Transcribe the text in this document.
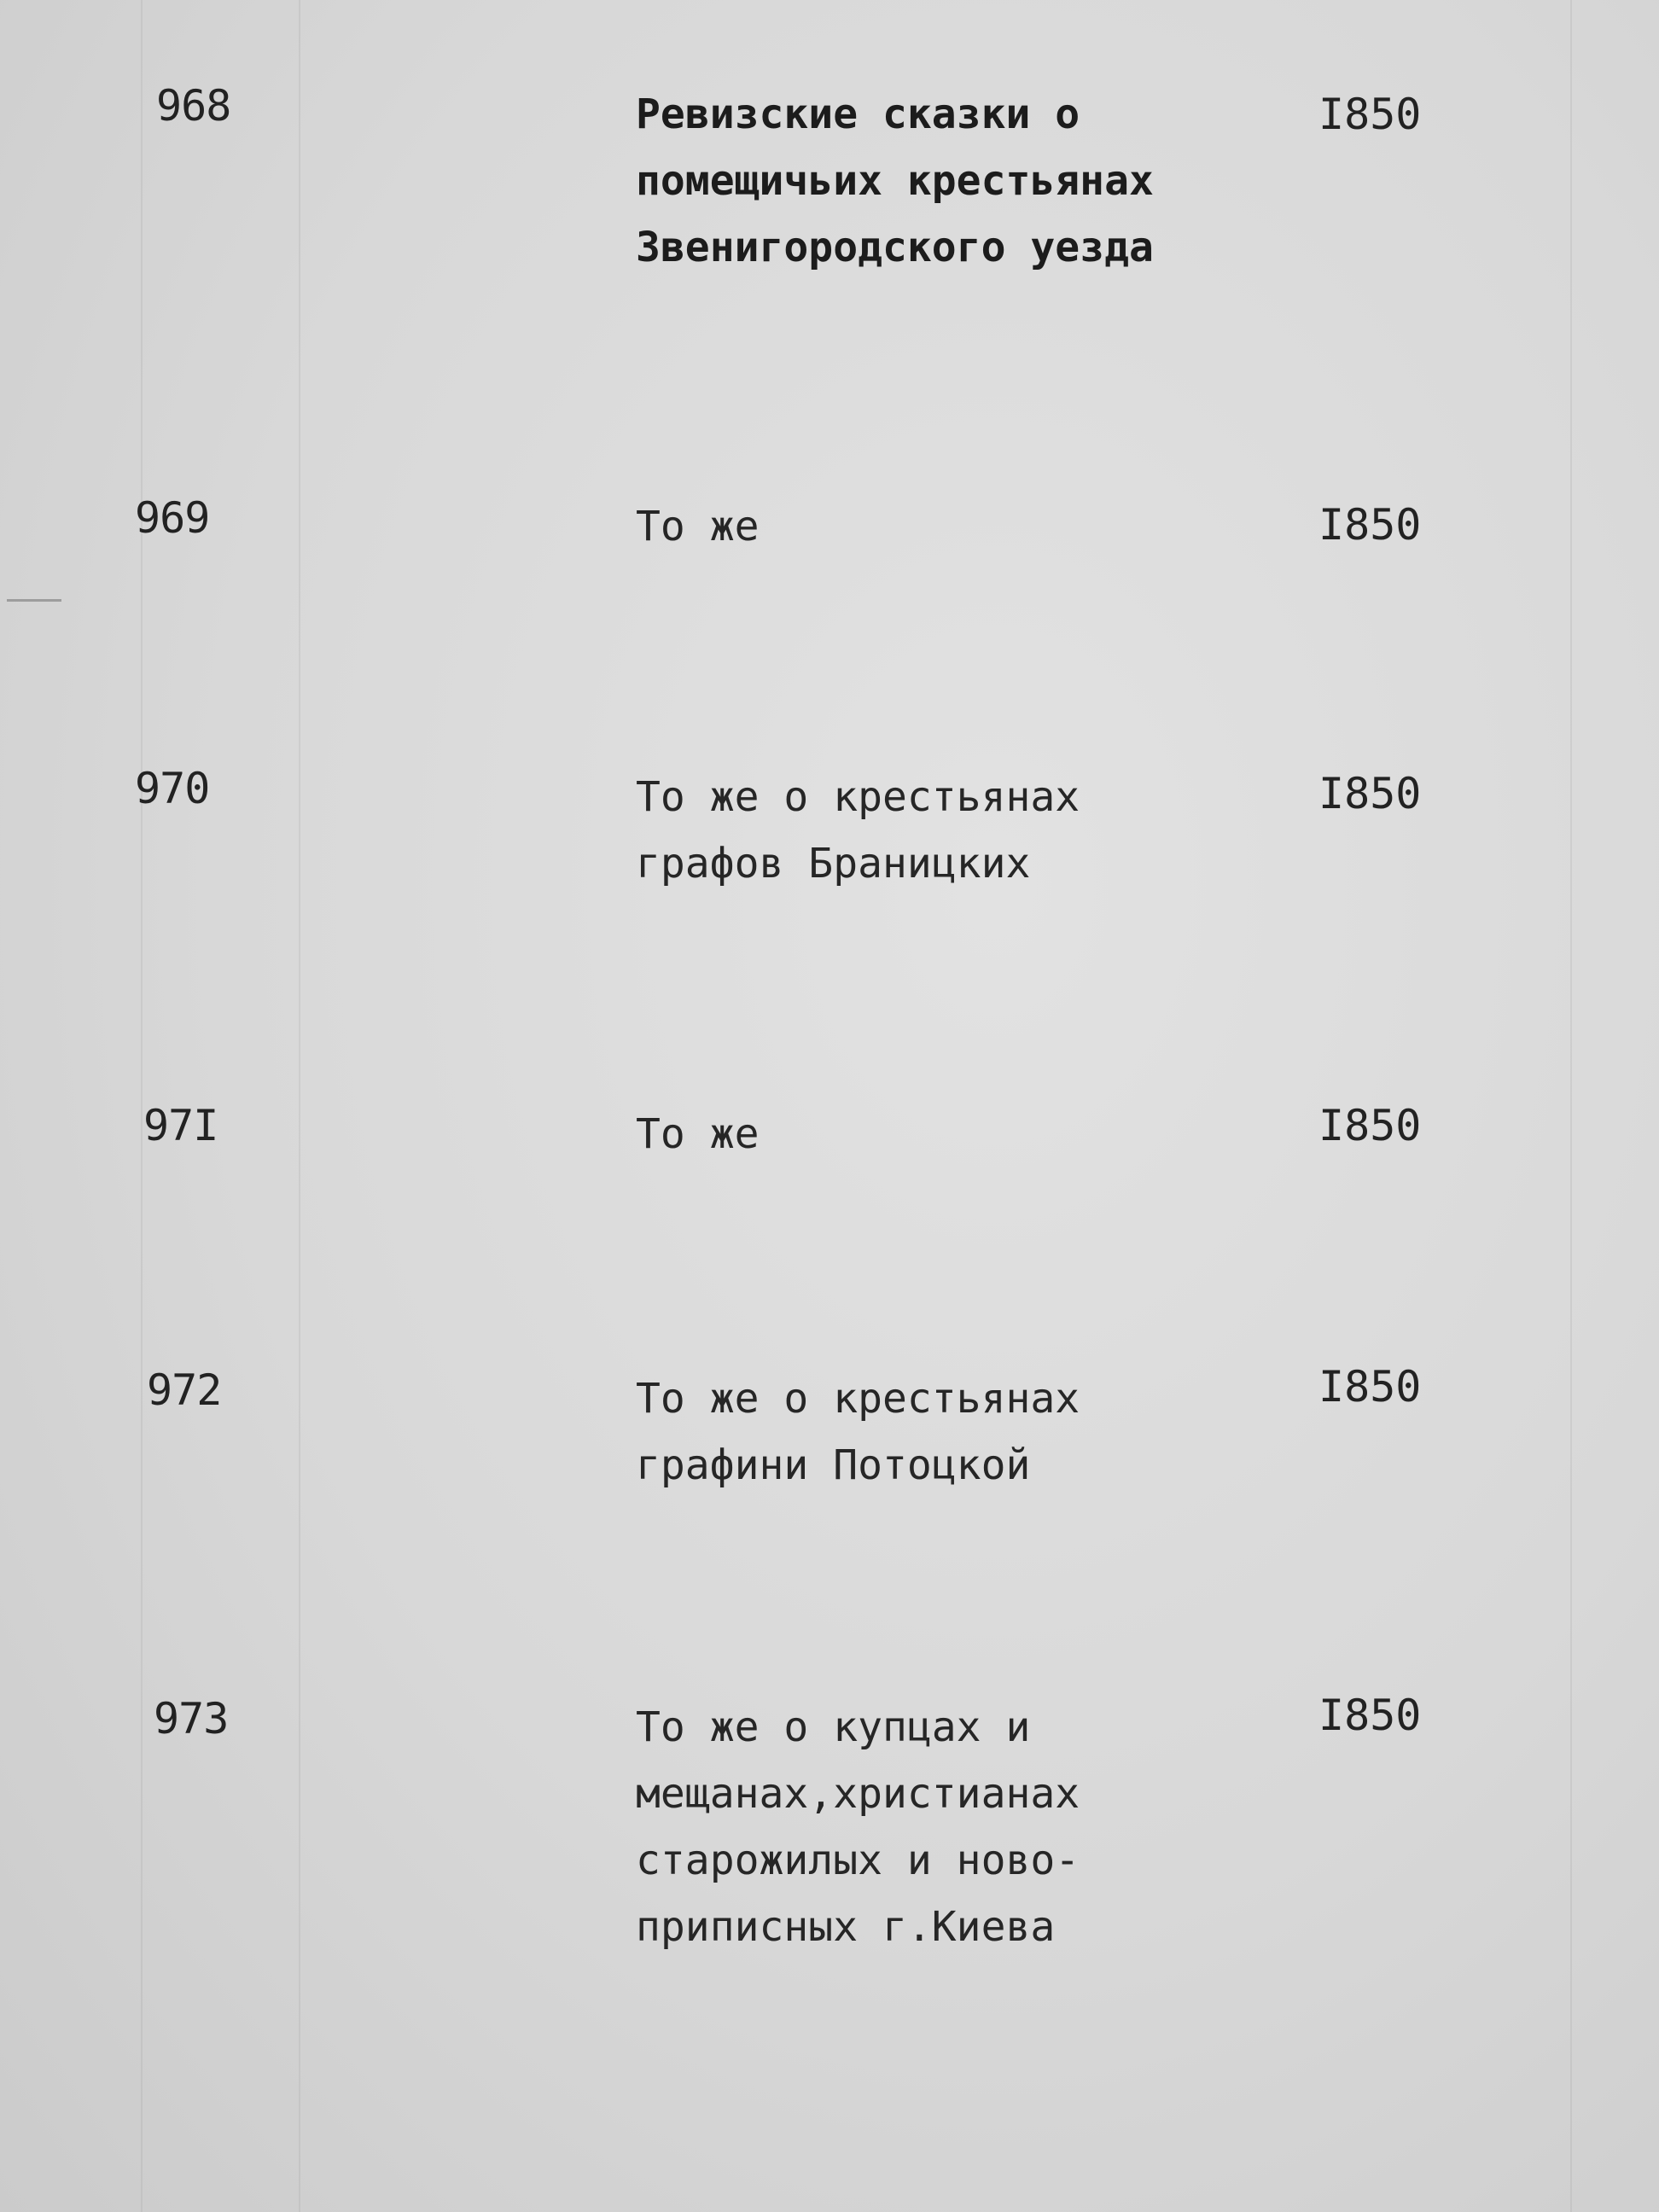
968	Ревизские сказки о
помещичьих крестьянах
Звенигородского уезда
I850
969	То же	I850
970	То же о крестьянах
графов Браницких
I850
97I	То же	I850
972	То же о крестьянах
графини Потоцкой
I850
973	То же о купцах и
мещанах,христианах
старожилых и ново-
приписных г.Киева
I850
